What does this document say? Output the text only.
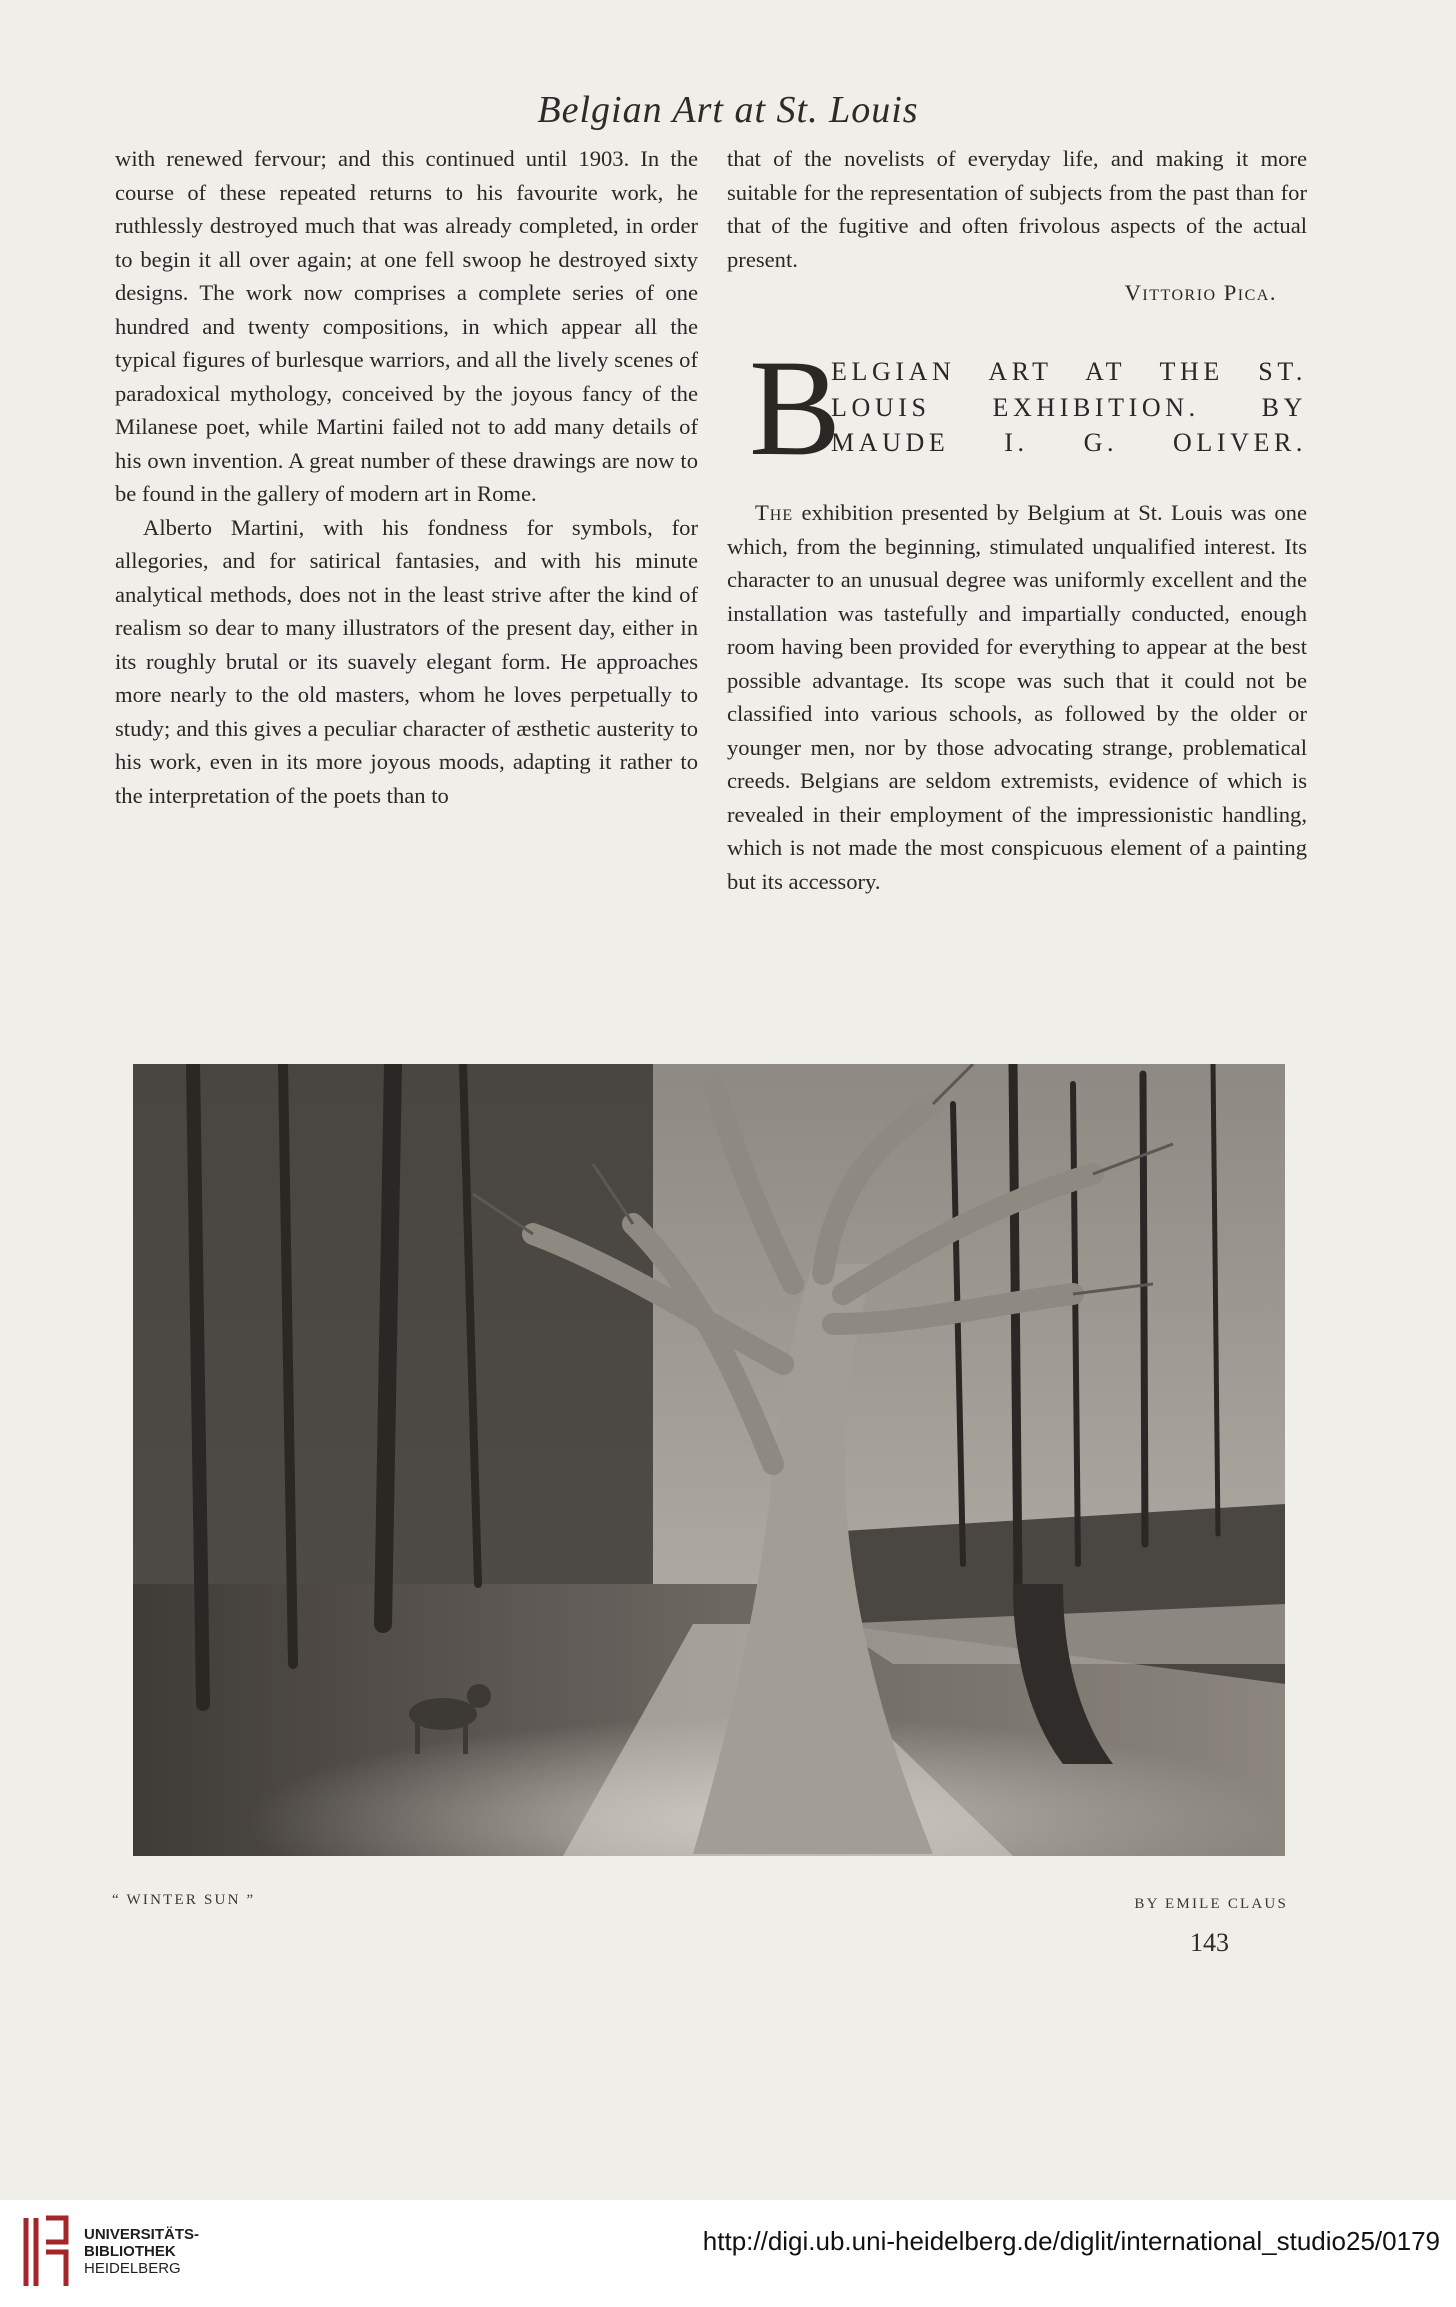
Belgian Art at St. Louis

with renewed fervour; and this continued until 1903. In the course of these repeated returns to his favourite work, he ruthlessly destroyed much that was already completed, in order to begin it all over again; at one fell swoop he destroyed sixty designs. The work now comprises a complete series of one hundred and twenty compositions, in which appear all the typical figures of burlesque warriors, and all the lively scenes of paradoxical mythology, conceived by the joyous fancy of the Milanese poet, while Martini failed not to add many details of his own invention. A great number of these drawings are now to be found in the gallery of modern art in Rome.

Alberto Martini, with his fondness for symbols, for allegories, and for satirical fantasies, and with his minute analytical methods, does not in the least strive after the kind of realism so dear to many illustrators of the present day, either in its roughly brutal or its suavely elegant form. He approaches more nearly to the old masters, whom he loves perpetually to study; and this gives a peculiar character of æsthetic austerity to his work, even in its more joyous moods, adapting it rather to the interpretation of the poets than to

that of the novelists of everyday life, and making it more suitable for the representation of subjects from the past than for that of the fugitive and often frivolous aspects of the actual present.

Vittorio Pica.

B
ELGIAN ART AT THE ST.
LOUIS EXHIBITION. BY
MAUDE I. G. OLIVER.

The exhibition presented by Belgium at St. Louis was one which, from the beginning, stimulated unqualified interest. Its character to an unusual degree was uniformly excellent and the installation was tastefully and impartially conducted, enough room having been provided for everything to appear at the best possible advantage. Its scope was such that it could not be classified into various schools, as followed by the older or younger men, nor by those advocating strange, problematical creeds. Belgians are seldom extremists, evidence of which is revealed in their employment of the impressionistic handling, which is not made the most conspicuous element of a painting but its accessory.

“ WINTER SUN ”	BY EMILE CLAUS
143
UNIVERSITÄTS-
BIBLIOTHEK
HEIDELBERG
http://digi.ub.uni-heidelberg.de/diglit/international_studio25/0179
